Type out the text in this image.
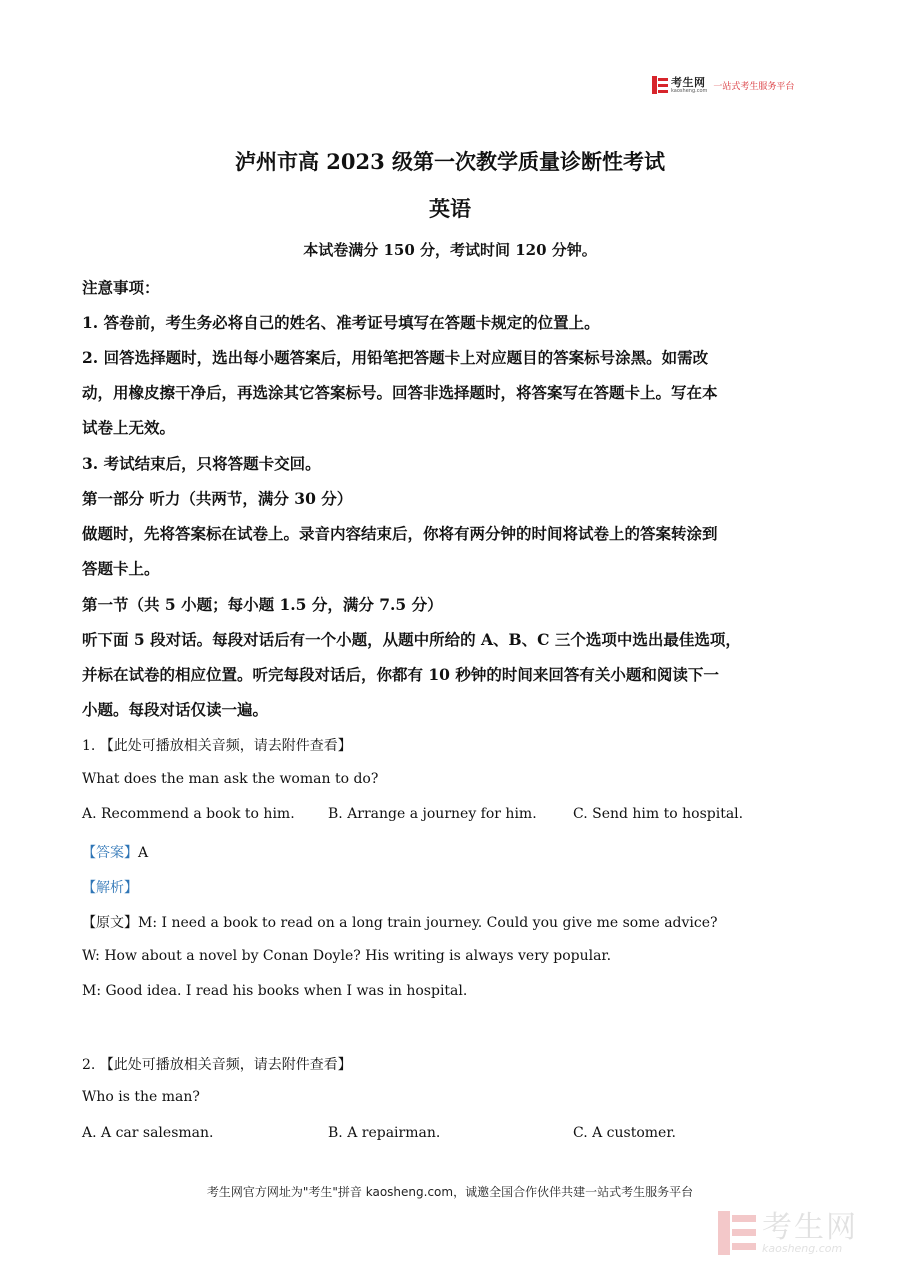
考生网
kaosheng.com 一站式考生服务平台
泸州市高 2023 级第一次教学质量诊断性考试
英语
本试卷满分 150 分，考试时间 120 分钟。
注意事项：
1. 答卷前，考生务必将自己的姓名、准考证号填写在答题卡规定的位置上。
2. 回答选择题时，选出每小题答案后，用铅笔把答题卡上对应题目的答案标号涂黑。如需改
动，用橡皮擦干净后，再选涂其它答案标号。回答非选择题时，将答案写在答题卡上。写在本
试卷上无效。
3. 考试结束后，只将答题卡交回。
第一部分 听力（共两节，满分 30 分）
做题时，先将答案标在试卷上。录音内容结束后，你将有两分钟的时间将试卷上的答案转涂到
答题卡上。
第一节（共 5 小题；每小题 1.5 分，满分 7.5 分）
听下面 5 段对话。每段对话后有一个小题，从题中所给的 A、B、C 三个选项中选出最佳选项，
并标在试卷的相应位置。听完每段对话后，你都有 10 秒钟的时间来回答有关小题和阅读下一
小题。每段对话仅读一遍。
1. 【此处可播放相关音频，请去附件查看】
What does the man ask the woman to do?
A. Recommend a book to him. B. Arrange a journey for him.	C. Send him to hospital.
【答案】A
【解析】
【原文】M: I need a book to read on a long train journey. Could you give me some advice?
W: How about a novel by Conan Doyle? His writing is always very popular.
M: Good idea. I read his books when I was in hospital.
2. 【此处可播放相关音频，请去附件查看】
Who is the man?
A. A car salesman.	B. A repairman.	C. A customer.
考生网官方网址为"考生"拼音 kaosheng.com，诚邀全国合作伙伴共建一站式考生服务平台
考生网
kaosheng.com
